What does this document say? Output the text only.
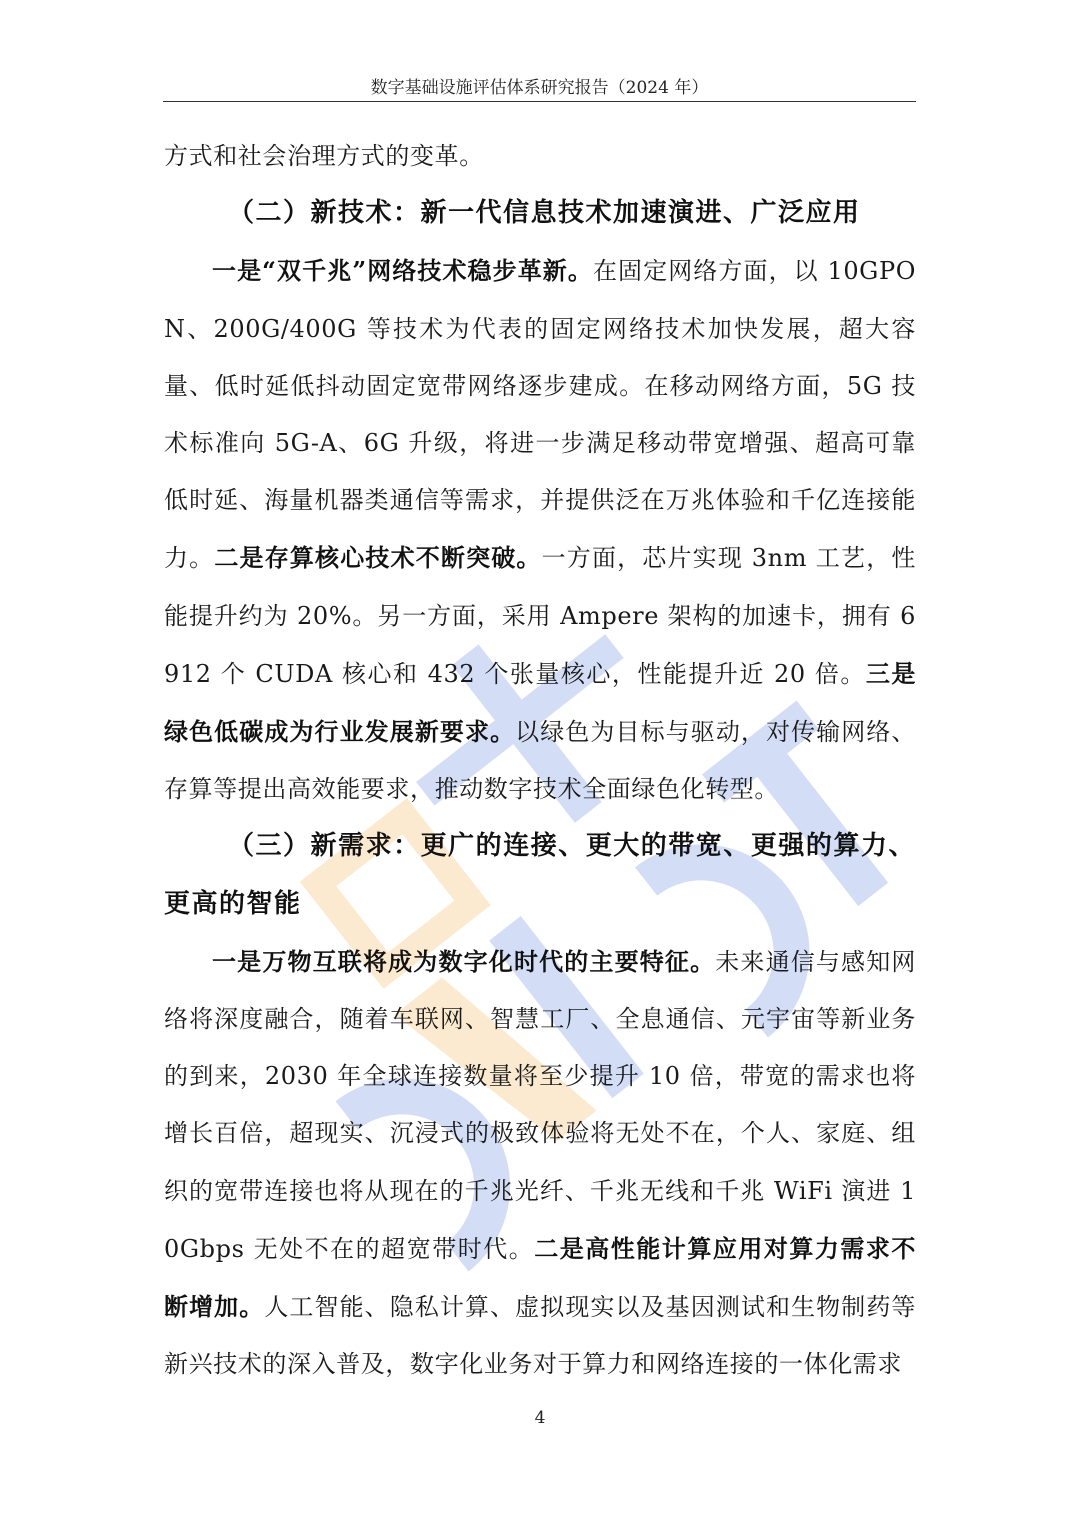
数字基础设施评估体系研究报告（2024 年）

方式和社会治理方式的变革。

（二）新技术：新一代信息技术加速演进、广泛应用

一是“双千兆”网络技术稳步革新。在固定网络方面，以 10GPON、200G/400G 等技术为代表的固定网络技术加快发展，超大容量、低时延低抖动固定宽带网络逐步建成。在移动网络方面，5G 技术标准向 5G-A、6G 升级，将进一步满足移动带宽增强、超高可靠低时延、海量机器类通信等需求，并提供泛在万兆体验和千亿连接能力。二是存算核心技术不断突破。一方面，芯片实现 3nm 工艺，性能提升约为 20%。另一方面，采用 Ampere 架构的加速卡，拥有 6912 个 CUDA 核心和 432 个张量核心，性能提升近 20 倍。三是绿色低碳成为行业发展新要求。以绿色为目标与驱动，对传输网络、存算等提出高效能要求，推动数字技术全面绿色化转型。

（三）新需求：更广的连接、更大的带宽、更强的算力、更高的智能

一是万物互联将成为数字化时代的主要特征。未来通信与感知网络将深度融合，随着车联网、智慧工厂、全息通信、元宇宙等新业务的到来，2030 年全球连接数量将至少提升 10 倍，带宽的需求也将增长百倍，超现实、沉浸式的极致体验将无处不在，个人、家庭、组织的宽带连接也将从现在的千兆光纤、千兆无线和千兆 WiFi 演进 10Gbps 无处不在的超宽带时代。二是高性能计算应用对算力需求不断增加。人工智能、隐私计算、虚拟现实以及基因测试和生物制药等新兴技术的深入普及，数字化业务对于算力和网络连接的一体化需求

4
